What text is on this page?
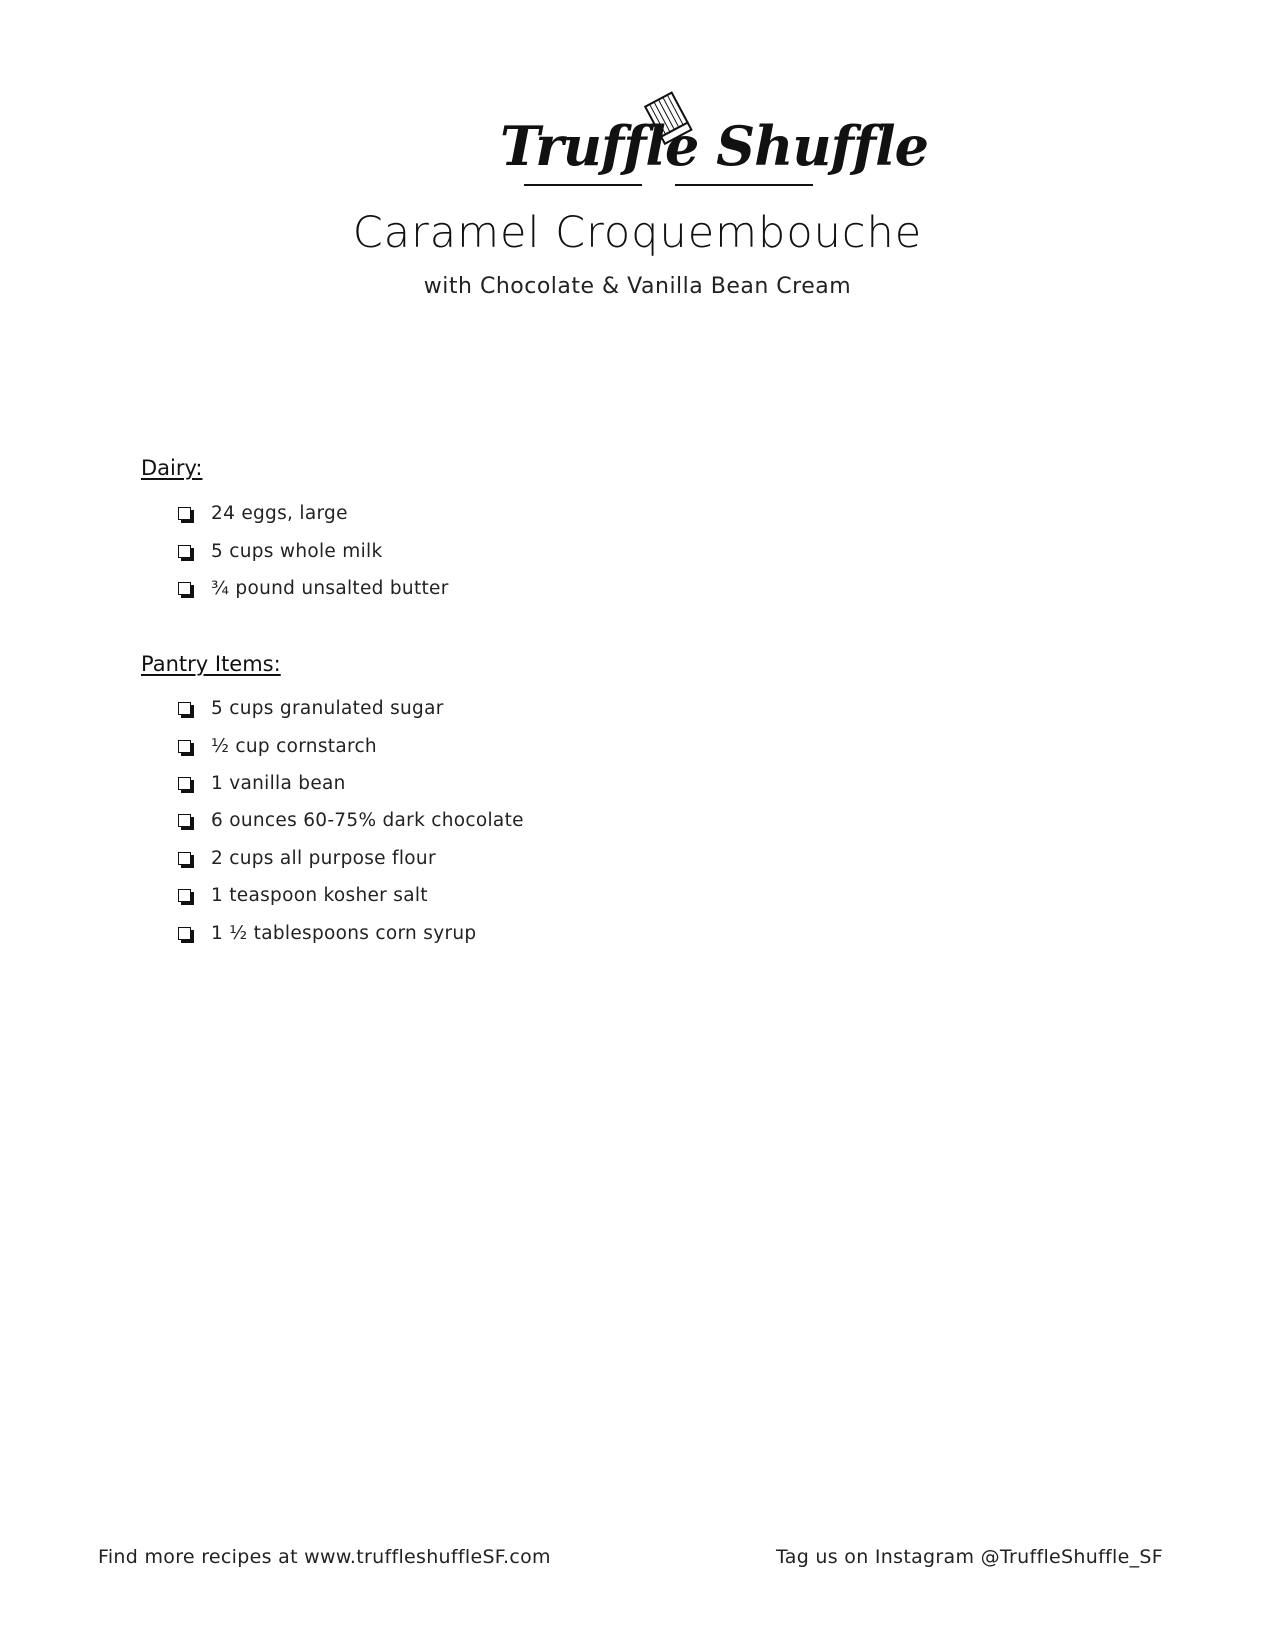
Truffle Shuffle
Caramel Croquembouche
with Chocolate & Vanilla Bean Cream
Dairy:
24 eggs, large
5 cups whole milk
¾ pound unsalted butter
Pantry Items:
5 cups granulated sugar
½ cup cornstarch
1 vanilla bean
6 ounces 60-75% dark chocolate
2 cups all purpose flour
1 teaspoon kosher salt
1 ½ tablespoons corn syrup
Find more recipes at www.truffleshuffleSF.com	Tag us on Instagram @TruffleShuffle_SF
